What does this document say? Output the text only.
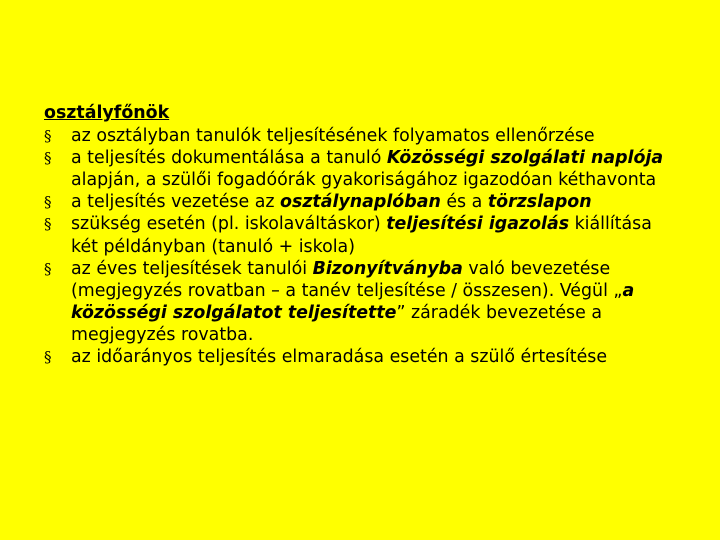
osztályfőnök
§ az osztályban tanulók teljesítésének folyamatos ellenőrzése
§ a teljesítés dokumentálása a tanuló Közösségi szolgálati naplója alapján, a szülői fogadóórák gyakoriságához igazodóan kéthavonta
§ a teljesítés vezetése az osztálynaplóban és a törzslapon
§ szükség esetén (pl. iskolaváltáskor) teljesítési igazolás kiállítása két példányban (tanuló + iskola)
§ az éves teljesítések tanulói Bizonyítványba való bevezetése (megjegyzés rovatban – a tanév teljesítése / összesen). Végül „a közösségi szolgálatot teljesítette” záradék bevezetése a megjegyzés rovatba.
§ az időarányos teljesítés elmaradása esetén a szülő értesítése
